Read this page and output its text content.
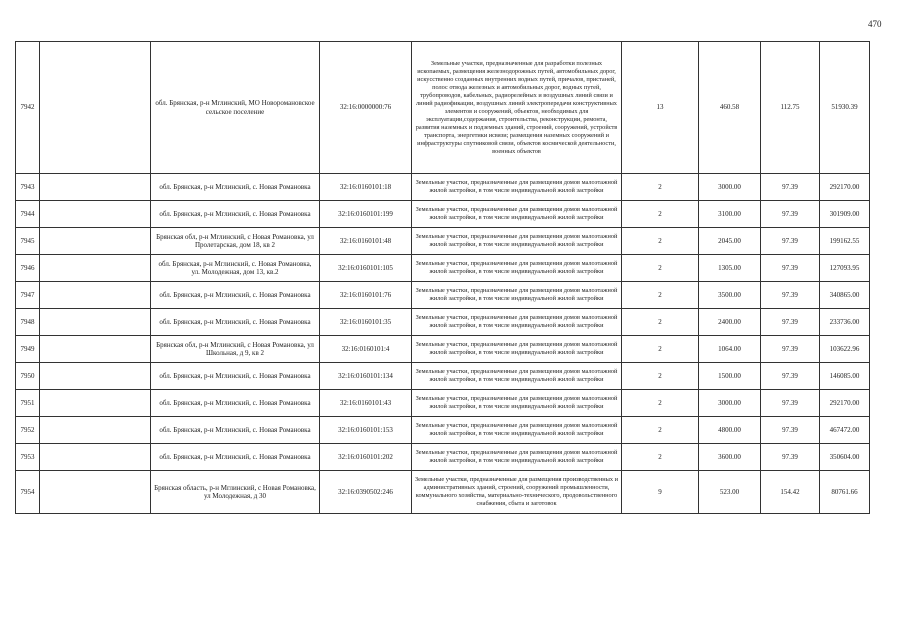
470
7942		обл. Брянская, р-н Мглинский, МО Новоромановское сельское поселение	32:16:0000000:76	Земельные участки, предназначенные для разработки полезных ископаемых, размещения железнодорожных путей, автомобильных дорог, искусственно созданных внутренних водных путей, причалов, пристаней, полос отвода железных и автомобильных дорог, водных путей, трубопроводов, кабельных, радиорелейных и воздушных линий связи и линий радиофикации, воздушных линий электропередачи конструктивных элементов и сооружений, объектов, необходимых для эксплуатации,содержания, строительства, реконструкции, ремонта, развития наземных и подземных зданий, строений, сооружений, устройств транспорта, энергетики исвязи; размещения наземных сооружений и инфраструктуры спутниковой связи, объектов космической деятельности, военных объектов	13	460.58	112.75	51930.39
7943		обл. Брянская, р-н Мглинский, с. Новая Романовка	32:16:0160101:18	Земельные участки, предназначенные для размещения домов малоэтажной жилой застройки, в том числе индивидуальной жилой застройки	2	3000.00	97.39	292170.00
7944		обл. Брянская, р-н Мглинский, с. Новая Романовка	32:16:0160101:199	Земельные участки, предназначенные для размещения домов малоэтажной жилой застройки, в том числе индивидуальной жилой застройки	2	3100.00	97.39	301909.00
7945		Брянская обл, р-н Мглинский, с Новая Романовка, ул Пролетарская, дом 18, кв 2	32:16:0160101:48	Земельные участки, предназначенные для размещения домов малоэтажной жилой застройки, в том числе индивидуальной жилой застройки	2	2045.00	97.39	199162.55
7946		обл. Брянская, р-н Мглинский, с. Новая Романовка, ул. Молодежная, дом 13, кв.2	32:16:0160101:105	Земельные участки, предназначенные для размещения домов малоэтажной жилой застройки, в том числе индивидуальной жилой застройки	2	1305.00	97.39	127093.95
7947		обл. Брянская, р-н Мглинский, с. Новая Романовка	32:16:0160101:76	Земельные участки, предназначенные для размещения домов малоэтажной жилой застройки, в том числе индивидуальной жилой застройки	2	3500.00	97.39	340865.00
7948		обл. Брянская, р-н Мглинский, с. Новая Романовка	32:16:0160101:35	Земельные участки, предназначенные для размещения домов малоэтажной жилой застройки, в том числе индивидуальной жилой застройки	2	2400.00	97.39	233736.00
7949		Брянская обл, р-н Мглинский, с Новая Романовка, ул Школьная, д 9, кв 2	32:16:0160101:4	Земельные участки, предназначенные для размещения домов малоэтажной жилой застройки, в том числе индивидуальной жилой застройки	2	1064.00	97.39	103622.96
7950		обл. Брянская, р-н Мглинский, с. Новая Романовка	32:16:0160101:134	Земельные участки, предназначенные для размещения домов малоэтажной жилой застройки, в том числе индивидуальной жилой застройки	2	1500.00	97.39	146085.00
7951		обл. Брянская, р-н Мглинский, с. Новая Романовка	32:16:0160101:43	Земельные участки, предназначенные для размещения домов малоэтажной жилой застройки, в том числе индивидуальной жилой застройки	2	3000.00	97.39	292170.00
7952		обл. Брянская, р-н Мглинский, с. Новая Романовка	32:16:0160101:153	Земельные участки, предназначенные для размещения домов малоэтажной жилой застройки, в том числе индивидуальной жилой застройки	2	4800.00	97.39	467472.00
7953		обл. Брянская, р-н Мглинский, с. Новая Романовка	32:16:0160101:202	Земельные участки, предназначенные для размещения домов малоэтажной жилой застройки, в том числе индивидуальной жилой застройки	2	3600.00	97.39	350604.00
7954		Брянская область, р-н Мглинский, с Новая Романовка, ул Молодежная, д 30	32:16:0390502:246	Земельные участки, предназначенные для размещения производственных и административных зданий, строений, сооружений промышленности, коммунального хозяйства, материально-технического, продовольственного снабжения, сбыта и заготовок	9	523.00	154.42	80761.66
